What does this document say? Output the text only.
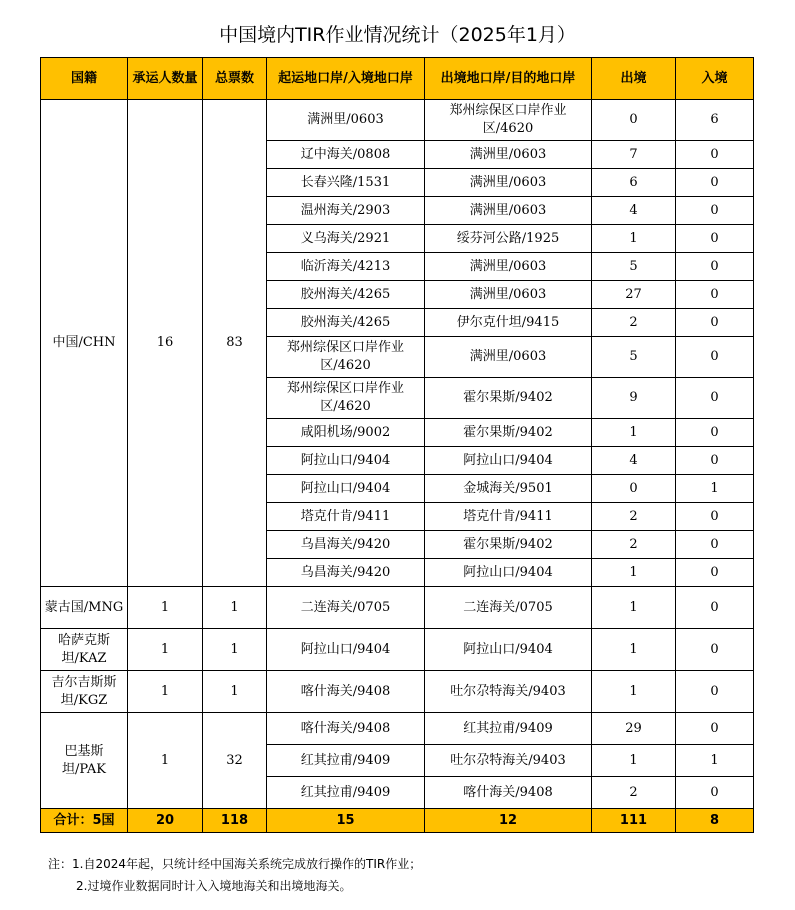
中国境内TIR作业情况统计（2025年1月）
国籍	承运人数量	总票数	起运地口岸/入境地口岸	出境地口岸/目的地口岸	出境	入境
中国/CHN	16	83	满洲里/0603	郑州综保区口岸作业区/4620	0	6
			辽中海关/0808	满洲里/0603	7	0
			长春兴隆/1531	满洲里/0603	6	0
			温州海关/2903	满洲里/0603	4	0
			义乌海关/2921	绥芬河公路/1925	1	0
			临沂海关/4213	满洲里/0603	5	0
			胶州海关/4265	满洲里/0603	27	0
			胶州海关/4265	伊尔克什坦/9415	2	0
			郑州综保区口岸作业区/4620	满洲里/0603	5	0
			郑州综保区口岸作业区/4620	霍尔果斯/9402	9	0
			咸阳机场/9002	霍尔果斯/9402	1	0
			阿拉山口/9404	阿拉山口/9404	4	0
			阿拉山口/9404	金城海关/9501	0	1
			塔克什肯/9411	塔克什肯/9411	2	0
			乌昌海关/9420	霍尔果斯/9402	2	0
			乌昌海关/9420	阿拉山口/9404	1	0
蒙古国/MNG	1	1	二连海关/0705	二连海关/0705	1	0
哈萨克斯坦/KAZ	1	1	阿拉山口/9404	阿拉山口/9404	1	0
吉尔吉斯斯坦/KGZ	1	1	喀什海关/9408	吐尔尕特海关/9403	1	0
巴基斯坦/PAK	1	32	喀什海关/9408	红其拉甫/9409	29	0
			红其拉甫/9409	吐尔尕特海关/9403	1	1
			红其拉甫/9409	喀什海关/9408	2	0
合计：5国	20	118	15	12	111	8
注：1.自2024年起，只统计经中国海关系统完成放行操作的TIR作业；
2.过境作业数据同时计入入境地海关和出境地海关。
